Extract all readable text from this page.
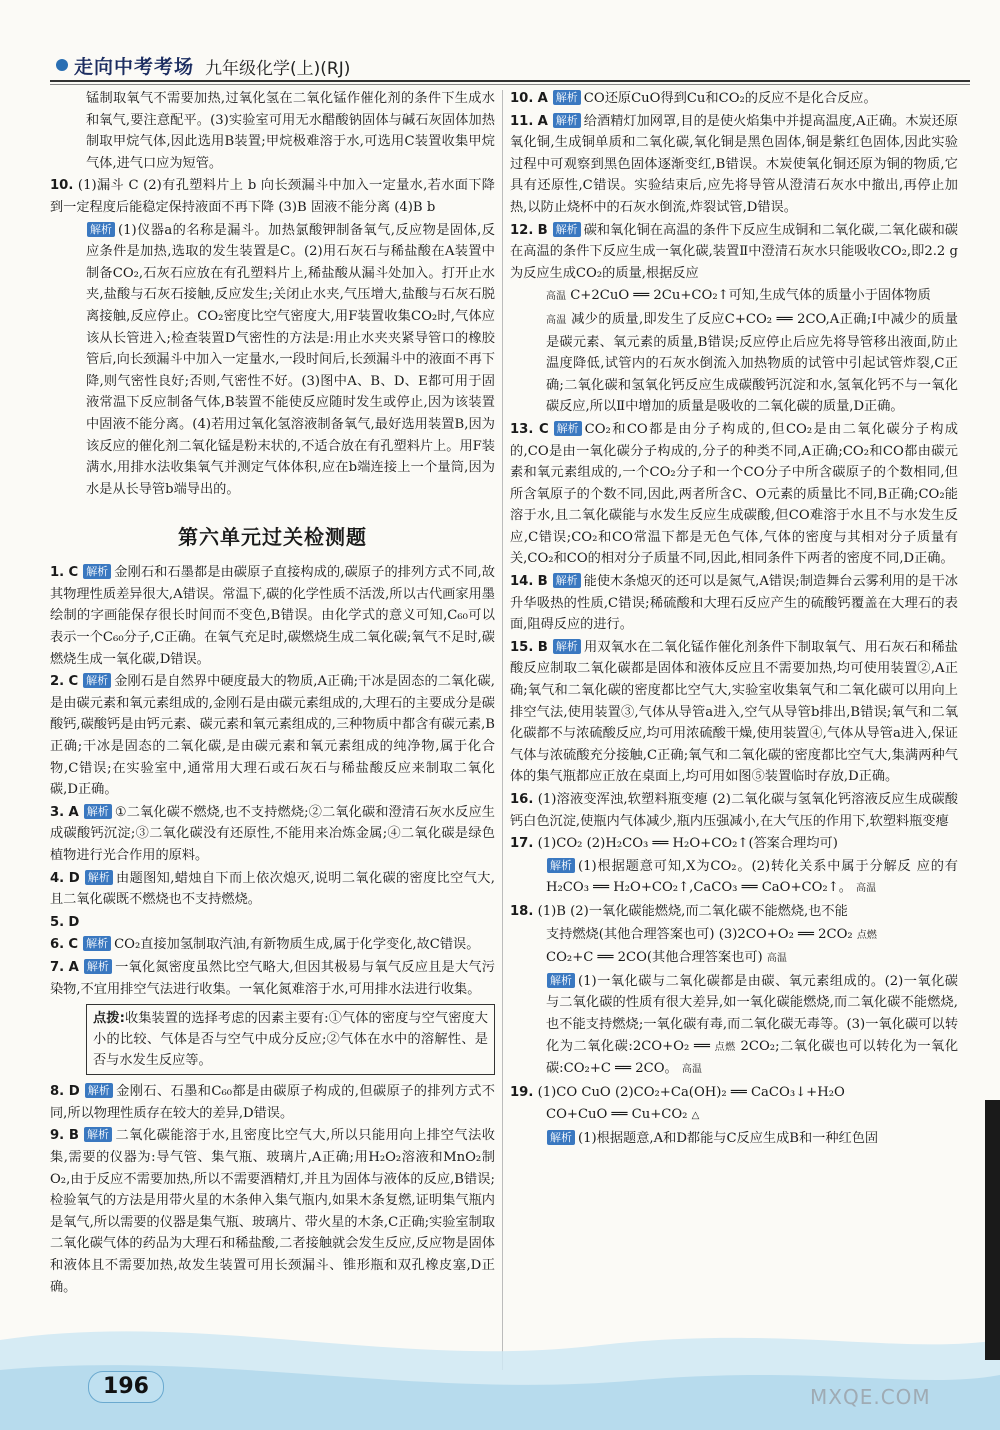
走向中考考场 九年级化学(上)(RJ)
锰制取氧气不需要加热,过氧化氢在二氧化锰作催化剂的条件下生成水和氧气,要注意配平。(3)实验室可用无水醋酸钠固体与碱石灰固体加热制取甲烷气体,因此选用B装置;甲烷极难溶于水,可选用C装置收集甲烷气体,进气口应为短管。
10. (1)漏斗 C (2)有孔塑料片上 b 向长颈漏斗中加入一定量水,若水面下降到一定程度后能稳定保持液面不再下降 (3)B 固液不能分离 (4)B b
解析 (1)仪器a的名称是漏斗。加热氯酸钾制备氧气,反应物是固体,反应条件是加热,选取的发生装置是C。(2)用石灰石与稀盐酸在A装置中制备CO₂,石灰石应放在有孔塑料片上,稀盐酸从漏斗处加入。打开止水夹,盐酸与石灰石接触,反应发生;关闭止水夹,气压增大,盐酸与石灰石脱离接触,反应停止。CO₂密度比空气密度大,用F装置收集CO₂时,气体应该从长管进入;检查装置D气密性的方法是:用止水夹夹紧导管口的橡胶管后,向长颈漏斗中加入一定量水,一段时间后,长颈漏斗中的液面不再下降,则气密性良好;否则,气密性不好。(3)图中A、B、D、E都可用于固液常温下反应制备气体,B装置不能使反应随时发生或停止,因为该装置中固液不能分离。(4)若用过氧化氢溶液制备氧气,最好选用装置B,因为该反应的催化剂二氧化锰是粉末状的,不适合放在有孔塑料片上。用F装满水,用排水法收集氧气并测定气体体积,应在b端连接上一个量筒,因为水是从长导管b端导出的。
第六单元过关检测题
1. C 解析 金刚石和石墨都是由碳原子直接构成的,碳原子的排列方式不同,故其物理性质差异很大,A错误。常温下,碳的化学性质不活泼,所以古代画家用墨绘制的字画能保存很长时间而不变色,B错误。由化学式的意义可知,C₆₀可以表示一个C₆₀分子,C正确。在氧气充足时,碳燃烧生成二氧化碳;氧气不足时,碳燃烧生成一氧化碳,D错误。
2. C 解析 金刚石是自然界中硬度最大的物质,A正确;干冰是固态的二氧化碳,是由碳元素和氧元素组成的,金刚石是由碳元素组成的,大理石的主要成分是碳酸钙,碳酸钙是由钙元素、碳元素和氧元素组成的,三种物质中都含有碳元素,B正确;干冰是固态的二氧化碳,是由碳元素和氧元素组成的纯净物,属于化合物,C错误;在实验室中,通常用大理石或石灰石与稀盐酸反应来制取二氧化碳,D正确。
3. A 解析 ①二氧化碳不燃烧,也不支持燃烧;②二氧化碳和澄清石灰水反应生成碳酸钙沉淀;③二氧化碳没有还原性,不能用来冶炼金属;④二氧化碳是绿色植物进行光合作用的原料。
4. D 解析 由题图知,蜡烛自下而上依次熄灭,说明二氧化碳的密度比空气大,且二氧化碳既不燃烧也不支持燃烧。
5. D
6. C 解析 CO₂直接加氢制取汽油,有新物质生成,属于化学变化,故C错误。
7. A 解析 一氧化氮密度虽然比空气略大,但因其极易与氧气反应且是大气污染物,不宜用排空气法进行收集。一氧化氮难溶于水,可用排水法进行收集。
点拨:收集装置的选择考虑的因素主要有:①气体的密度与空气密度大小的比较、气体是否与空气中成分反应;②气体在水中的溶解性、是否与水发生反应等。
8. D 解析 金刚石、石墨和C₆₀都是由碳原子构成的,但碳原子的排列方式不同,所以物理性质存在较大的差异,D错误。
9. B 解析 二氧化碳能溶于水,且密度比空气大,所以只能用向上排空气法收集,需要的仪器为:导气管、集气瓶、玻璃片,A正确;用H₂O₂溶液和MnO₂制O₂,由于反应不需要加热,所以不需要酒精灯,并且为固体与液体的反应,B错误;检验氧气的方法是用带火星的木条伸入集气瓶内,如果木条复燃,证明集气瓶内是氧气,所以需要的仪器是集气瓶、玻璃片、带火星的木条,C正确;实验室制取二氧化碳气体的药品为大理石和稀盐酸,二者接触就会发生反应,反应物是固体和液体且不需要加热,故发生装置可用长颈漏斗、锥形瓶和双孔橡皮塞,D正确。
10. A 解析 CO还原CuO得到Cu和CO₂的反应不是化合反应。
11. A 解析 给酒精灯加网罩,目的是使火焰集中并提高温度,A正确。木炭还原氧化铜,生成铜单质和二氧化碳,氧化铜是黑色固体,铜是紫红色固体,因此实验过程中可观察到黑色固体逐渐变红,B错误。木炭使氧化铜还原为铜的物质,它具有还原性,C错误。实验结束后,应先将导管从澄清石灰水中撤出,再停止加热,以防止烧杯中的石灰水倒流,炸裂试管,D错误。
12. B 解析 碳和氧化铜在高温的条件下反应生成铜和二氧化碳,二氧化碳和碳在高温的条件下反应生成一氧化碳,装置Ⅱ中澄清石灰水只能吸收CO₂,即2.2 g为反应生成CO₂的质量,根据反应
高温 C+2CuO ══ 2Cu+CO₂↑可知,生成气体的质量小于固体物质
高温 减少的质量,即发生了反应C+CO₂ ══ 2CO,A正确;Ⅰ中减少的质量是碳元素、氧元素的质量,B错误;反应停止后应先将导管移出液面,防止温度降低,试管内的石灰水倒流入加热物质的试管中引起试管炸裂,C正确;二氧化碳和氢氧化钙反应生成碳酸钙沉淀和水,氢氧化钙不与一氧化碳反应,所以Ⅱ中增加的质量是吸收的二氧化碳的质量,D正确。
13. C 解析 CO₂和CO都是由分子构成的,但CO₂是由二氧化碳分子构成的,CO是由一氧化碳分子构成的,分子的种类不同,A正确;CO₂和CO都由碳元素和氧元素组成的,一个CO₂分子和一个CO分子中所含碳原子的个数相同,但所含氧原子的个数不同,因此,两者所含C、O元素的质量比不同,B正确;CO₂能溶于水,且二氧化碳能与水发生反应生成碳酸,但CO难溶于水且不与水发生反应,C错误;CO₂和CO常温下都是无色气体,气体的密度与其相对分子质量有关,CO₂和CO的相对分子质量不同,因此,相同条件下两者的密度不同,D正确。
14. B 解析 能使木条熄灭的还可以是氮气,A错误;制造舞台云雾利用的是干冰升华吸热的性质,C错误;稀硫酸和大理石反应产生的硫酸钙覆盖在大理石的表面,阻碍反应的进行。
15. B 解析 用双氧水在二氧化锰作催化剂条件下制取氧气、用石灰石和稀盐酸反应制取二氧化碳都是固体和液体反应且不需要加热,均可使用装置②,A正确;氧气和二氧化碳的密度都比空气大,实验室收集氧气和二氧化碳可以用向上排空气法,使用装置③,气体从导管a进入,空气从导管b排出,B错误;氧气和二氧化碳都不与浓硫酸反应,均可用浓硫酸干燥,使用装置④,气体从导管a进入,保证气体与浓硫酸充分接触,C正确;氧气和二氧化碳的密度都比空气大,集满两种气体的集气瓶都应正放在桌面上,均可用如图⑤装置临时存放,D正确。
16. (1)溶液变浑浊,软塑料瓶变瘪 (2)二氧化碳与氢氧化钙溶液反应生成碳酸钙白色沉淀,使瓶内气体减少,瓶内压强减小,在大气压的作用下,软塑料瓶变瘪
17. (1)CO₂ (2)H₂CO₃ ══ H₂O+CO₂↑(答案合理均可)
解析 (1)根据题意可知,X为CO₂。(2)转化关系中属于分解反 应的有H₂CO₃ ══ H₂O+CO₂↑,CaCO₃ ══ CaO+CO₂↑。 高温
18. (1)B (2)一氧化碳能燃烧,而二氧化碳不能燃烧,也不能
支持燃烧(其他合理答案也可) (3)2CO+O₂ ══ 2CO₂ 点燃
CO₂+C ══ 2CO(其他合理答案也可) 高温
解析 (1)一氧化碳与二氧化碳都是由碳、氧元素组成的。(2)一氧化碳与二氧化碳的性质有很大差异,如一氧化碳能燃烧,而二氧化碳不能燃烧,也不能支持燃烧;一氧化碳有毒,而二氧化碳无毒等。(3)一氧化碳可以转化为二氧化碳:2CO+O₂ ══ 点燃 2CO₂;二氧化碳也可以转化为一氧化碳:CO₂+C ══ 2CO。 高温
19. (1)CO CuO (2)CO₂+Ca(OH)₂ ══ CaCO₃↓+H₂O
CO+CuO ══ Cu+CO₂ △
解析 (1)根据题意,A和D都能与C反应生成B和一种红色固
196	MXQE.COM
